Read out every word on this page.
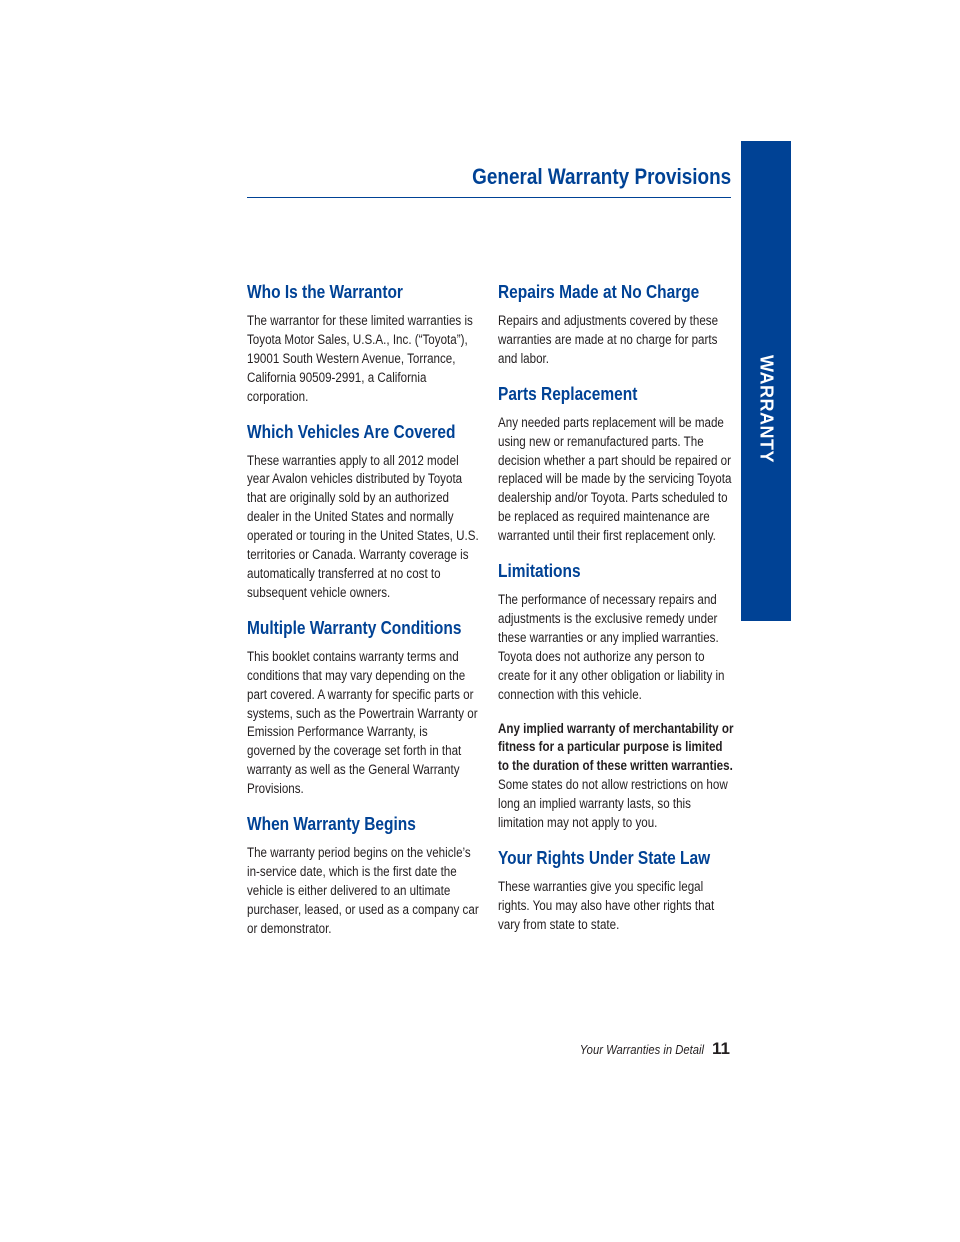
General Warranty Provisions
WARRANTY
Who Is the Warrantor

The warrantor for these limited warranties is Toyota Motor Sales, U.S.A., Inc. (“Toyota”), 19001 South Western Avenue, Torrance, California 90509-2991, a California corporation.

Which Vehicles Are Covered

These warranties apply to all 2012 model year Avalon vehicles distributed by Toyota that are originally sold by an authorized dealer in the United States and normally operated or touring in the United States, U.S. territories or Canada. Warranty coverage is automatically transferred at no cost to subsequent vehicle owners.

Multiple Warranty Conditions

This booklet contains warranty terms and conditions that may vary depending on the part covered. A warranty for specific parts or systems, such as the Powertrain Warranty or Emission Performance Warranty, is governed by the coverage set forth in that warranty as well as the General Warranty Provisions.

When Warranty Begins

The warranty period begins on the vehicle’s in-service date, which is the first date the vehicle is either delivered to an ultimate purchaser, leased, or used as a company car or demonstrator.

Repairs Made at No Charge

Repairs and adjustments covered by these warranties are made at no charge for parts and labor.

Parts Replacement

Any needed parts replacement will be made using new or remanufactured parts. The decision whether a part should be repaired or replaced will be made by the servicing Toyota dealership and/or Toyota. Parts scheduled to be replaced as required maintenance are warranted until their first replacement only.

Limitations

The performance of necessary repairs and adjustments is the exclusive remedy under these warranties or any implied warranties. Toyota does not authorize any person to create for it any other obligation or liability in connection with this vehicle.

Any implied warranty of merchantability or fitness for a particular purpose is limited to the duration of these written warranties. Some states do not allow restrictions on how long an implied warranty lasts, so this limitation may not apply to you.

Your Rights Under State Law

These warranties give you specific legal rights. You may also have other rights that vary from state to state.

Your Warranties in Detail 11
